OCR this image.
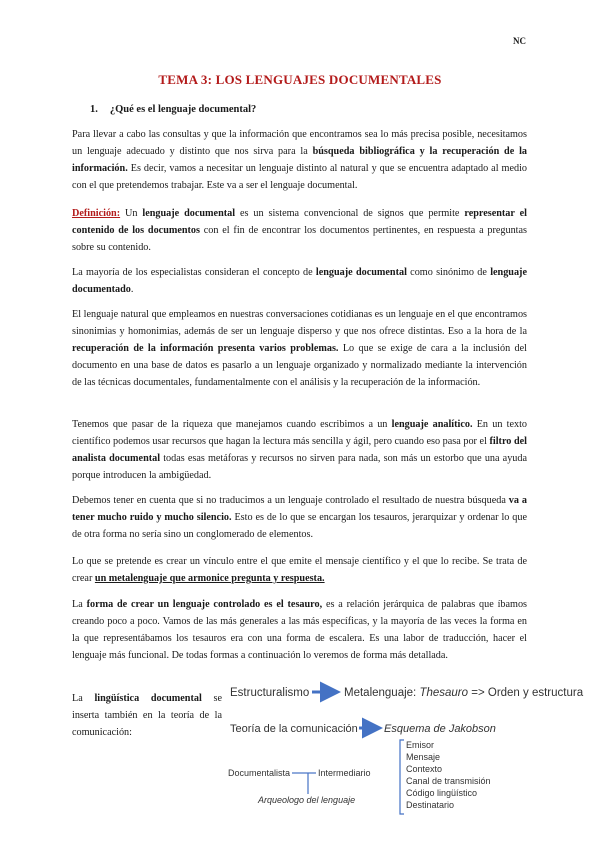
NC
TEMA 3: LOS LENGUAJES DOCUMENTALES
1. ¿Qué es el lenguaje documental?

Para llevar a cabo las consultas y que la información que encontramos sea lo más precisa posible, necesitamos un lenguaje adecuado y distinto que nos sirva para la búsqueda bibliográfica y la recuperación de la información. Es decir, vamos a necesitar un lenguaje distinto al natural y que se encuentra adaptado al medio con el que pretendemos trabajar. Este va a ser el lenguaje documental.

Definición: Un lenguaje documental es un sistema convencional de signos que permite representar el contenido de los documentos con el fin de encontrar los documentos pertinentes, en respuesta a preguntas sobre su contenido.

La mayoría de los especialistas consideran el concepto de lenguaje documental como sinónimo de lenguaje documentado.

El lenguaje natural que empleamos en nuestras conversaciones cotidianas es un lenguaje en el que encontramos sinonimias y homonimias, además de ser un lenguaje disperso y que nos ofrece distintas. Eso a la hora de la recuperación de la información presenta varios problemas. Lo que se exige de cara a la inclusión del documento en una base de datos es pasarlo a un lenguaje organizado y normalizado mediante la intervención de las técnicas documentales, fundamentalmente con el análisis y la recuperación de la información.

Tenemos que pasar de la riqueza que manejamos cuando escribimos a un lenguaje analítico. En un texto científico podemos usar recursos que hagan la lectura más sencilla y ágil, pero cuando eso pasa por el filtro del analista documental todas esas metáforas y recursos no sirven para nada, son más un estorbo que una ayuda porque introducen la ambigüedad.

Debemos tener en cuenta que si no traducimos a un lenguaje controlado el resultado de nuestra búsqueda va a tener mucho ruido y mucho silencio. Esto es de lo que se encargan los tesauros, jerarquizar y ordenar lo que de otra forma no sería sino un conglomerado de elementos.

Lo que se pretende es crear un vínculo entre el que emite el mensaje científico y el que lo recibe. Se trata de crear un metalenguaje que armonice pregunta y respuesta.

La forma de crear un lenguaje controlado es el tesauro, es a relación jerárquica de palabras que íbamos creando poco a poco. Vamos de las más generales a las más específicas, y la mayoría de las veces la forma en la que representábamos los tesauros era con una forma de escalera. Es una labor de traducción, hacer el lenguaje más funcional. De todas formas a continuación lo veremos de forma más detallada.

La lingüística documental se inserta también en la teoría de la comunicación:

Estructuralismo	Metalenguaje: Thesauro => Orden y estructura
Teoría de la comunicación Esquema de Jakobson
Emisor
Mensaje
Contexto
Canal de transmisión
Código lingüístico
Destinatario
Documentalista	Intermediario
Arqueologo del lenguaje
